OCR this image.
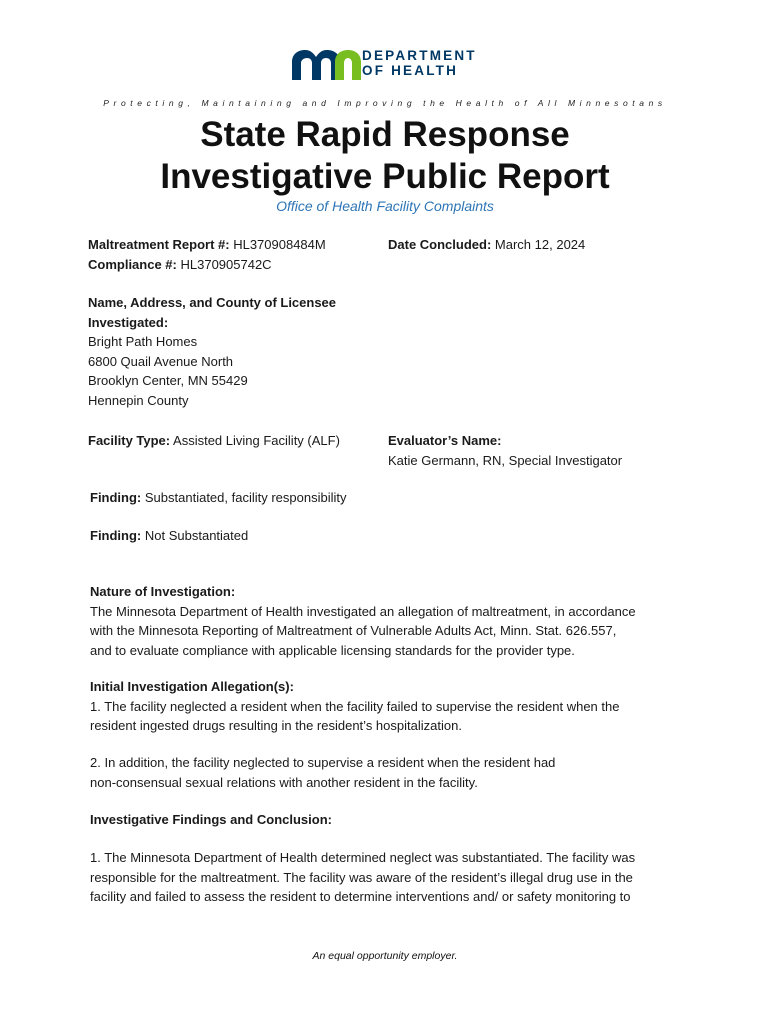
DEPARTMENT
OF HEALTH
Protecting, Maintaining and Improving the Health of All Minnesotans
State Rapid Response
Investigative Public Report
Office of Health Facility Complaints
Maltreatment Report #: HL370908484M
Compliance #: HL370905742C
Date Concluded: March 12, 2024
Name, Address, and County of Licensee
Investigated:
Bright Path Homes
6800 Quail Avenue North
Brooklyn Center, MN 55429
Hennepin County
Facility Type: Assisted Living Facility (ALF)	Evaluator’s Name:
Katie Germann, RN, Special Investigator
Finding: Substantiated, facility responsibility
Finding: Not Substantiated
Nature of Investigation:
The Minnesota Department of Health investigated an allegation of maltreatment, in accordance
with the Minnesota Reporting of Maltreatment of Vulnerable Adults Act, Minn. Stat. 626.557,
and to evaluate compliance with applicable licensing standards for the provider type.
Initial Investigation Allegation(s):
1. The facility neglected a resident when the facility failed to supervise the resident when the
resident ingested drugs resulting in the resident’s hospitalization.
2. In addition, the facility neglected to supervise a resident when the resident had
non-consensual sexual relations with another resident in the facility.
Investigative Findings and Conclusion:
1. The Minnesota Department of Health determined neglect was substantiated. The facility was
responsible for the maltreatment. The facility was aware of the resident’s illegal drug use in the
facility and failed to assess the resident to determine interventions and/ or safety monitoring to
An equal opportunity employer.
